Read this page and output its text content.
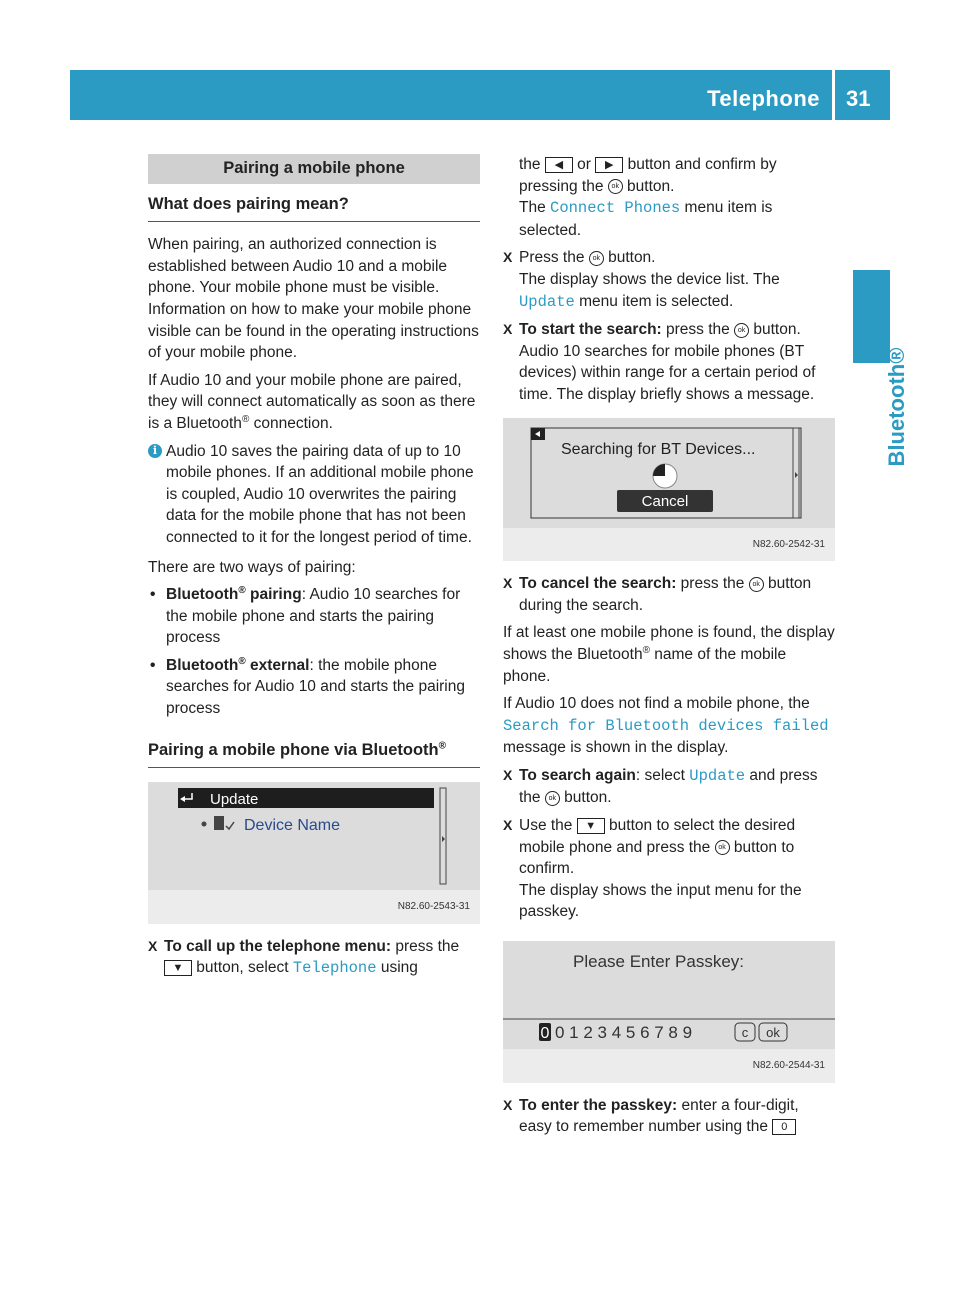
Telephone 31
Bluetooth®
Pairing a mobile phone
What does pairing mean?

When pairing, an authorized connection is established between Audio 10 and a mobile phone. Your mobile phone must be visible. Information on how to make your mobile phone visible can be found in the operating instructions of your mobile phone.

If Audio 10 and your mobile phone are paired, they will connect automatically as soon as there is a Bluetooth® connection.

i Audio 10 saves the pairing data of up to 10 mobile phones. If an additional mobile phone is coupled, Audio 10 overwrites the pairing data for the mobile phone that has not been connected to it for the longest period of time.

There are two ways of pairing:

• Bluetooth® pairing: Audio 10 searches for the mobile phone and starts the pairing process
• Bluetooth® external: the mobile phone searches for Audio 10 and starts the pairing process
Pairing a mobile phone via Bluetooth®
Update
Device Name
N82.60-2543-31
X To call up the telephone menu: press the ▼ button, select Telephone using

the ◀ or ▶ button and confirm by pressing the ok button.
The Connect Phones menu item is selected.

X Press the ok button.
The display shows the device list. The Update menu item is selected.
X To start the search: press the ok button.
Audio 10 searches for mobile phones (BT devices) within range for a certain period of time. The display briefly shows a message.
Searching for BT Devices...
Cancel
N82.60-2542-31
X To cancel the search: press the ok button during the search.

If at least one mobile phone is found, the display shows the Bluetooth® name of the mobile phone.

If Audio 10 does not find a mobile phone, the Search for Bluetooth devices failed message is shown in the display.

X To search again: select Update and press the ok button.
X Use the ▼ button to select the desired mobile phone and press the ok button to confirm.
The display shows the input menu for the passkey.
Please Enter Passkey:
0 0 1 2 3 4 5 6 7 8 9	c ok
N82.60-2544-31
X To enter the passkey: enter a four-digit, easy to remember number using the 0
